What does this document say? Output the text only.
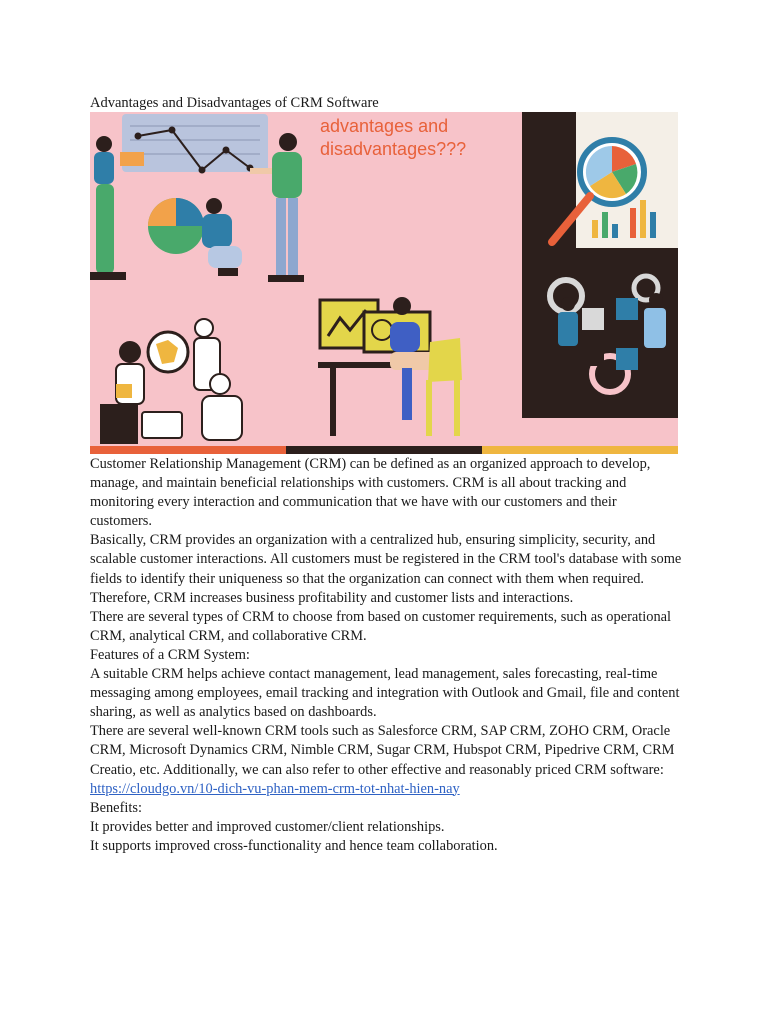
Advantages and Disadvantages of CRM Software
advantages and
disadvantages???

Customer Relationship Management (CRM) can be defined as an organized approach to develop, manage, and maintain beneficial relationships with customers. CRM is all about tracking and monitoring every interaction and communication that we have with our customers and their customers.

Basically, CRM provides an organization with a centralized hub, ensuring simplicity, security, and scalable customer interactions. All customers must be registered in the CRM tool's database with some fields to identify their uniqueness so that the organization can connect with them when required. Therefore, CRM increases business profitability and customer lists and interactions.

There are several types of CRM to choose from based on customer requirements, such as operational CRM, analytical CRM, and collaborative CRM.

Features of a CRM System:

A suitable CRM helps achieve contact management, lead management, sales forecasting, real-time messaging among employees, email tracking and integration with Outlook and Gmail, file and content sharing, as well as analytics based on dashboards.

There are several well-known CRM tools such as Salesforce CRM, SAP CRM, ZOHO CRM, Oracle CRM, Microsoft Dynamics CRM, Nimble CRM, Sugar CRM, Hubspot CRM, Pipedrive CRM, CRM Creatio, etc. Additionally, we can also refer to other effective and reasonably priced CRM software: https://cloudgo.vn/10-dich-vu-phan-mem-crm-tot-nhat-hien-nay

Benefits:

It provides better and improved customer/client relationships.

It supports improved cross-functionality and hence team collaboration.
